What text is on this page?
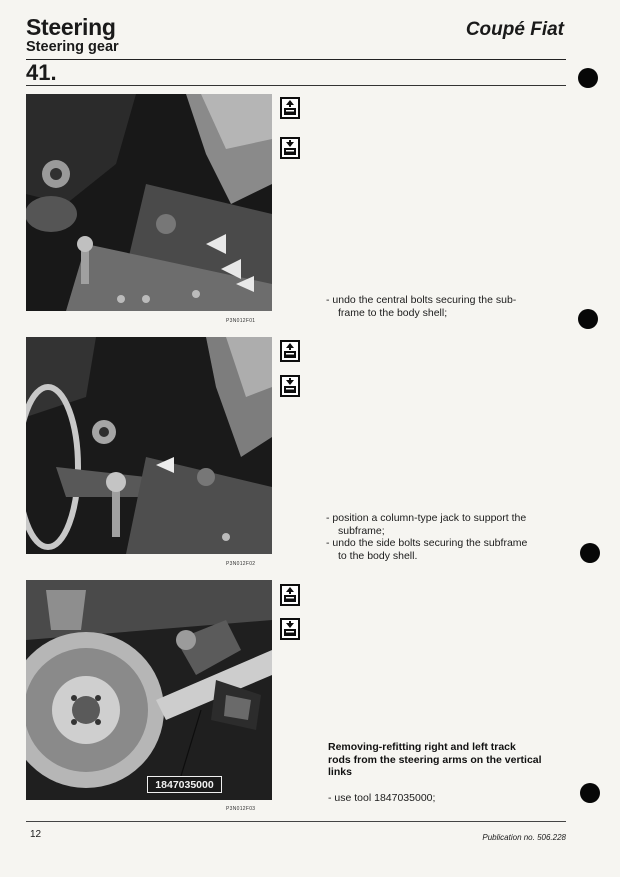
Steering
Steering gear
Coupé Fiat
41.
P3N012F01
P3N012F02
1847035000
P3N012F03
- undo the central bolts securing the sub-
frame to the body shell;
- position a column-type jack to support the
subframe;
- undo the side bolts securing the subframe
to the body shell.
Removing-refitting right and left track
rods from the steering arms on the vertical
links
- use tool 1847035000;
12	Publication no. 506.228
